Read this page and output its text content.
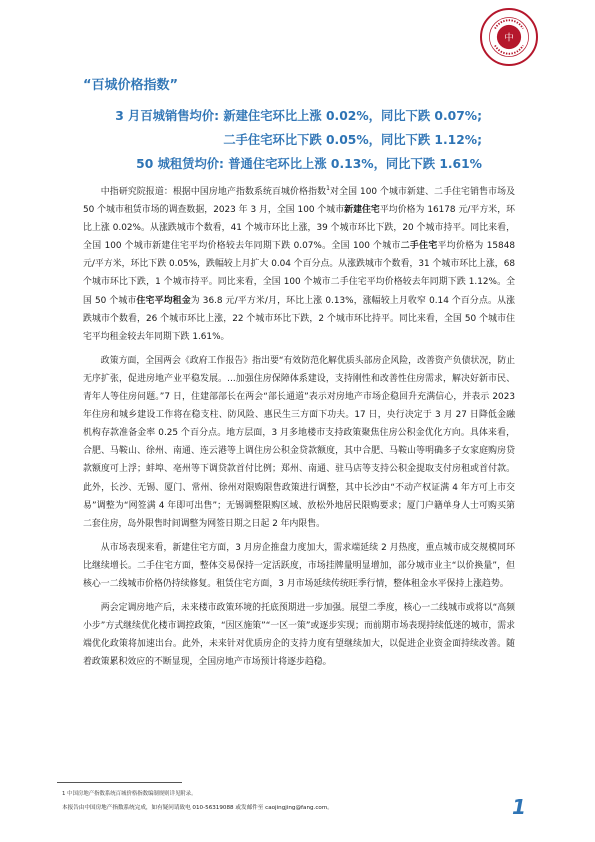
中
“百城价格指数”
3 月百城销售均价: 新建住宅环比上涨 0.02%，同比下跌 0.07%;
二手住宅环比下跌 0.05%，同比下跌 1.12%;
50 城租赁均价: 普通住宅环比上涨 0.13%，同比下跌 1.61%

中指研究院报道：根据中国房地产指数系统百城价格指数$^1$对全国 100 个城市新建、二手住宅销售市场及 50 个城市租赁市场的调查数据，2023 年 3 月，全国 100 个城市新建住宅平均价格为 16178 元/平方米，环比上涨 0.02%。从涨跌城市个数看，41 个城市环比上涨，39 个城市环比下跌，20 个城市持平。同比来看，全国 100 个城市新建住宅平均价格较去年同期下跌 0.07%。全国 100 个城市二手住宅平均价格为 15848 元/平方米，环比下跌 0.05%，跌幅较上月扩大 0.04 个百分点。从涨跌城市个数看，31 个城市环比上涨，68 个城市环比下跌，1 个城市持平。同比来看，全国 100 个城市二手住宅平均价格较去年同期下跌 1.12%。全国 50 个城市住宅平均租金为 36.8 元/平方米/月，环比上涨 0.13%，涨幅较上月收窄 0.14 个百分点。从涨跌城市个数看，26 个城市环比上涨，22 个城市环比下跌，2 个城市环比持平。同比来看，全国 50 个城市住宅平均租金较去年同期下跌 1.61%。

政策方面，全国两会《政府工作报告》指出要“有效防范化解优质头部房企风险，改善资产负债状况，防止无序扩张，促进房地产业平稳发展。...加强住房保障体系建设，支持刚性和改善性住房需求，解决好新市民、青年人等住房问题。”7 日，住建部部长在两会“部长通道”表示对房地产市场企稳回升充满信心，并表示 2023 年住房和城乡建设工作将在稳支柱、防风险、惠民生三方面下功夫。17 日，央行决定于 3 月 27 日降低金融机构存款准备金率 0.25 个百分点。地方层面，3 月多地楼市支持政策聚焦住房公积金优化方向。具体来看，合肥、马鞍山、徐州、南通、连云港等上调住房公积金贷款额度，其中合肥、马鞍山等明确多子女家庭购房贷款额度可上浮；蚌埠、亳州等下调贷款首付比例；郑州、南通、驻马店等支持公积金提取支付房租或首付款。此外，长沙、无锡、厦门、常州、徐州对限购限售政策进行调整，其中长沙由“不动产权证满 4 年方可上市交易”调整为“网签满 4 年即可出售”；无锡调整限购区域、放松外地居民限购要求；厦门户籍单身人士可购买第二套住房，岛外限售时间调整为网签日期之日起 2 年内限售。

从市场表现来看，新建住宅方面，3 月房企推盘力度加大，需求端延续 2 月热度，重点城市成交规模同环比继续增长。二手住宅方面，整体交易保持一定活跃度，市场挂牌量明显增加，部分城市业主“以价换量”，但核心一二线城市价格仍持续修复。租赁住宅方面，3 月市场延续传统旺季行情，整体租金水平保持上涨趋势。

两会定调房地产后，未来楼市政策环境的托底预期进一步加强。展望二季度，核心一二线城市或将以“高频小步”方式继续优化楼市调控政策，“因区施策”“一区一策”或逐步实现；而前期市场表现持续低迷的城市，需求端优化政策将加速出台。此外，未来针对优质房企的支持力度有望继续加大，以促进企业资金面持续改善。随着政策累积效应的不断显现，全国房地产市场预计将逐步趋稳。

1 中国房地产指数系统百城价格指数编制规则详见附录。
本报告由中国房地产指数系统完成，如有疑问请致电 010-56319088 或发邮件至 caojingjing@fang.com。	1
